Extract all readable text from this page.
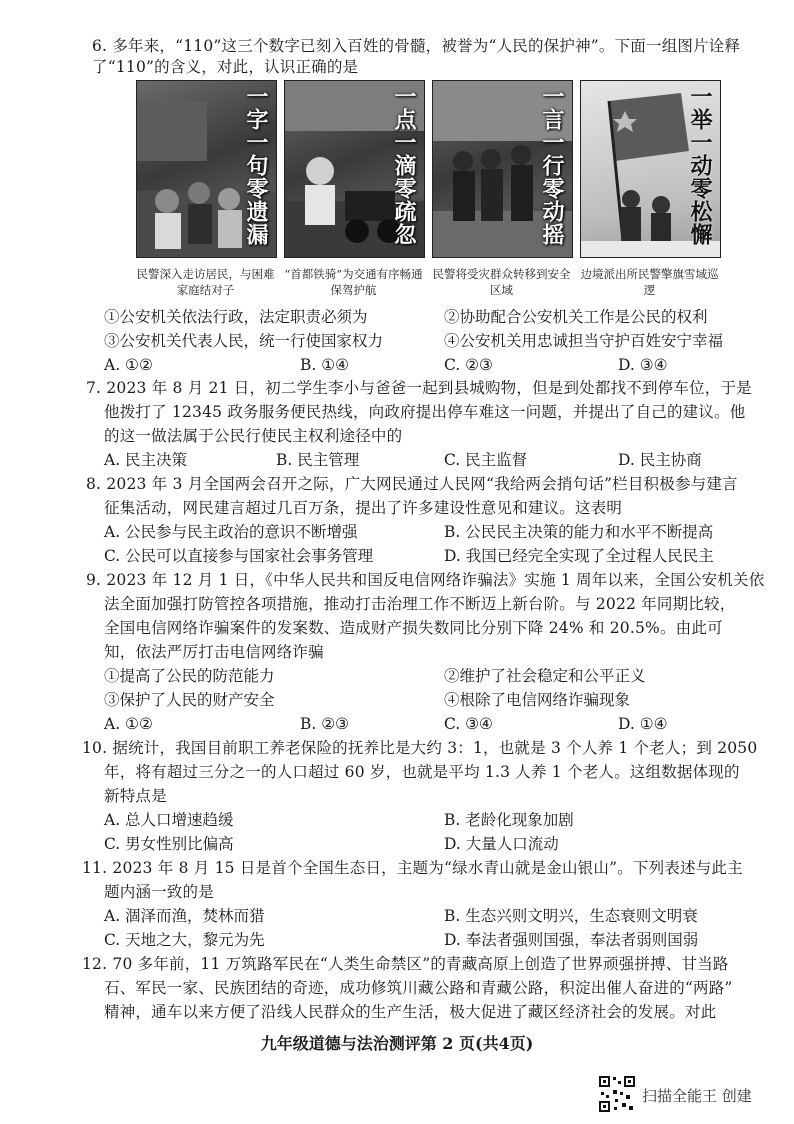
6. 多年来，“110”这三个数字已刻入百姓的骨髓，被誉为“人民的保护神”。下面一组图片诠释
了“110”的含义，对此，认识正确的是
一字一句零遗漏	一点一滴零疏忽	一言一行零动摇	一举一动零松懈
民警深入走访居民，与困难家庭结对子
“首都铁骑”为交通有序畅通保驾护航
民警将受灾群众转移到安全区域
边境派出所民警擎旗雪域巡逻
①公安机关依法行政，法定职责必须为	②协助配合公安机关工作是公民的权利
③公安机关代表人民，统一行使国家权力	④公安机关用忠诚担当守护百姓安宁幸福
A. ①②	B. ①④	C. ②③	D. ③④
7. 2023 年 8 月 21 日，初二学生李小与爸爸一起到县城购物，但是到处都找不到停车位，于是
他拨打了 12345 政务服务便民热线，向政府提出停车难这一问题，并提出了自己的建议。他
的这一做法属于公民行使民主权利途径中的
A. 民主决策	B. 民主管理	C. 民主监督	D. 民主协商
8. 2023 年 3 月全国两会召开之际，广大网民通过人民网“我给两会捎句话”栏目积极参与建言
征集活动，网民建言超过几百万条，提出了许多建设性意见和建议。这表明
A. 公民参与民主政治的意识不断增强	B. 公民民主决策的能力和水平不断提高
C. 公民可以直接参与国家社会事务管理	D. 我国已经完全实现了全过程人民民主
9. 2023 年 12 月 1 日，《中华人民共和国反电信网络诈骗法》实施 1 周年以来，全国公安机关依
法全面加强打防管控各项措施，推动打击治理工作不断迈上新台阶。与 2022 年同期比较，
全国电信网络诈骗案件的发案数、造成财产损失数同比分别下降 24% 和 20.5%。由此可
知，依法严厉打击电信网络诈骗
①提高了公民的防范能力	②维护了社会稳定和公平正义
③保护了人民的财产安全	④根除了电信网络诈骗现象
A. ①②	B. ②③	C. ③④	D. ①④
10. 据统计，我国目前职工养老保险的抚养比是大约 3：1，也就是 3 个人养 1 个老人；到 2050
年，将有超过三分之一的人口超过 60 岁，也就是平均 1.3 人养 1 个老人。这组数据体现的
新特点是
A. 总人口增速趋缓	B. 老龄化现象加剧
C. 男女性别比偏高	D. 大量人口流动
11. 2023 年 8 月 15 日是首个全国生态日，主题为“绿水青山就是金山银山”。下列表述与此主
题内涵一致的是
A. 涸泽而渔，焚林而猎	B. 生态兴则文明兴，生态衰则文明衰
C. 天地之大，黎元为先	D. 奉法者强则国强，奉法者弱则国弱
12. 70 多年前，11 万筑路军民在“人类生命禁区”的青藏高原上创造了世界顽强拼搏、甘当路
石、军民一家、民族团结的奇迹，成功修筑川藏公路和青藏公路，积淀出催人奋进的“两路”
精神，通车以来方便了沿线人民群众的生产生活，极大促进了藏区经济社会的发展。对此
九年级道德与法治测评第 2 页(共4页)
扫描全能王 创建
